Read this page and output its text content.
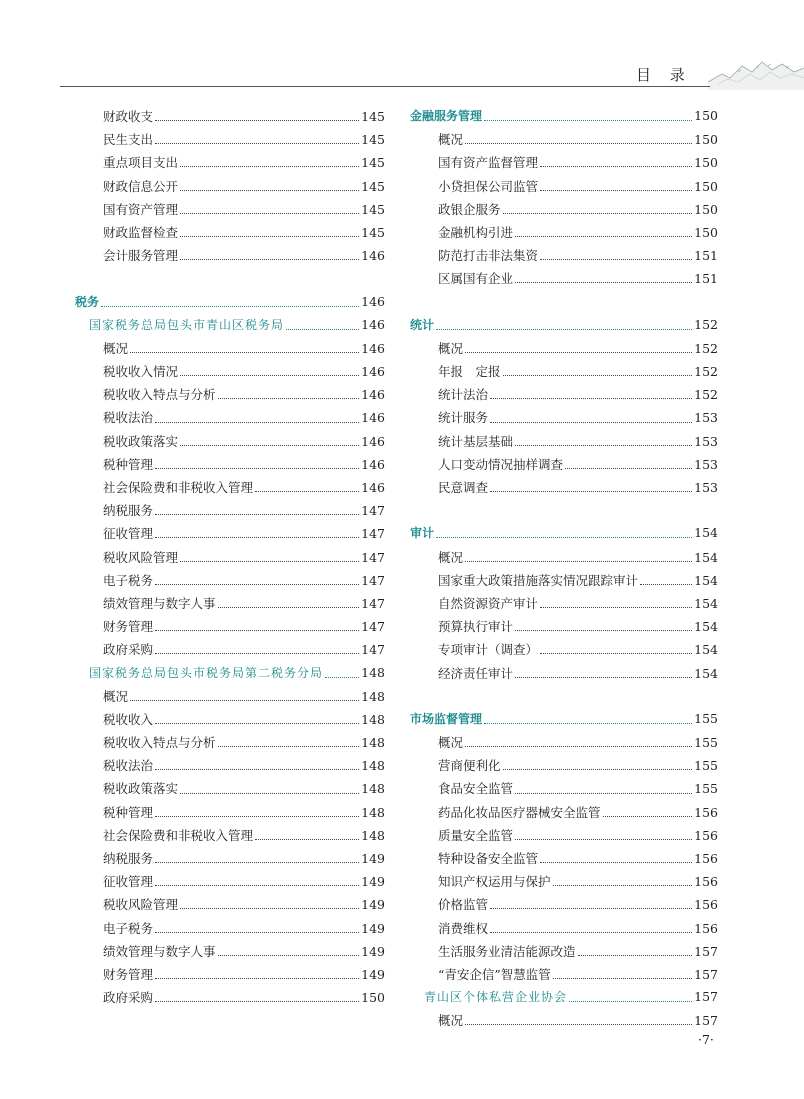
目 录
财政收支	145
民生支出	145
重点项目支出	145
财政信息公开	145
国有资产管理	145
财政监督检查	145
会计服务管理	146
税务	146
国家税务总局包头市青山区税务局	146
概况	146
税收收入情况	146
税收收入特点与分析	146
税收法治	146
税收政策落实	146
税种管理	146
社会保险费和非税收入管理	146
纳税服务	147
征收管理	147
税收风险管理	147
电子税务	147
绩效管理与数字人事	147
财务管理	147
政府采购	147
国家税务总局包头市税务局第二税务分局	148
概况	148
税收收入	148
税收收入特点与分析	148
税收法治	148
税收政策落实	148
税种管理	148
社会保险费和非税收入管理	148
纳税服务	149
征收管理	149
税收风险管理	149
电子税务	149
绩效管理与数字人事	149
财务管理	149
政府采购	150
金融服务管理	150
概况	150
国有资产监督管理	150
小贷担保公司监管	150
政银企服务	150
金融机构引进	150
防范打击非法集资	151
区属国有企业	151
统计	152
概况	152
年报　定报	152
统计法治	152
统计服务	153
统计基层基础	153
人口变动情况抽样调查	153
民意调查	153
审计	154
概况	154
国家重大政策措施落实情况跟踪审计	154
自然资源资产审计	154
预算执行审计	154
专项审计（调查）	154
经济责任审计	154
市场监督管理	155
概况	155
营商便利化	155
食品安全监管	155
药品化妆品医疗器械安全监管	156
质量安全监管	156
特种设备安全监管	156
知识产权运用与保护	156
价格监管	156
消费维权	156
生活服务业清洁能源改造	157
“青安企信”智慧监管	157
青山区个体私营企业协会	157
概况	157
·7·
